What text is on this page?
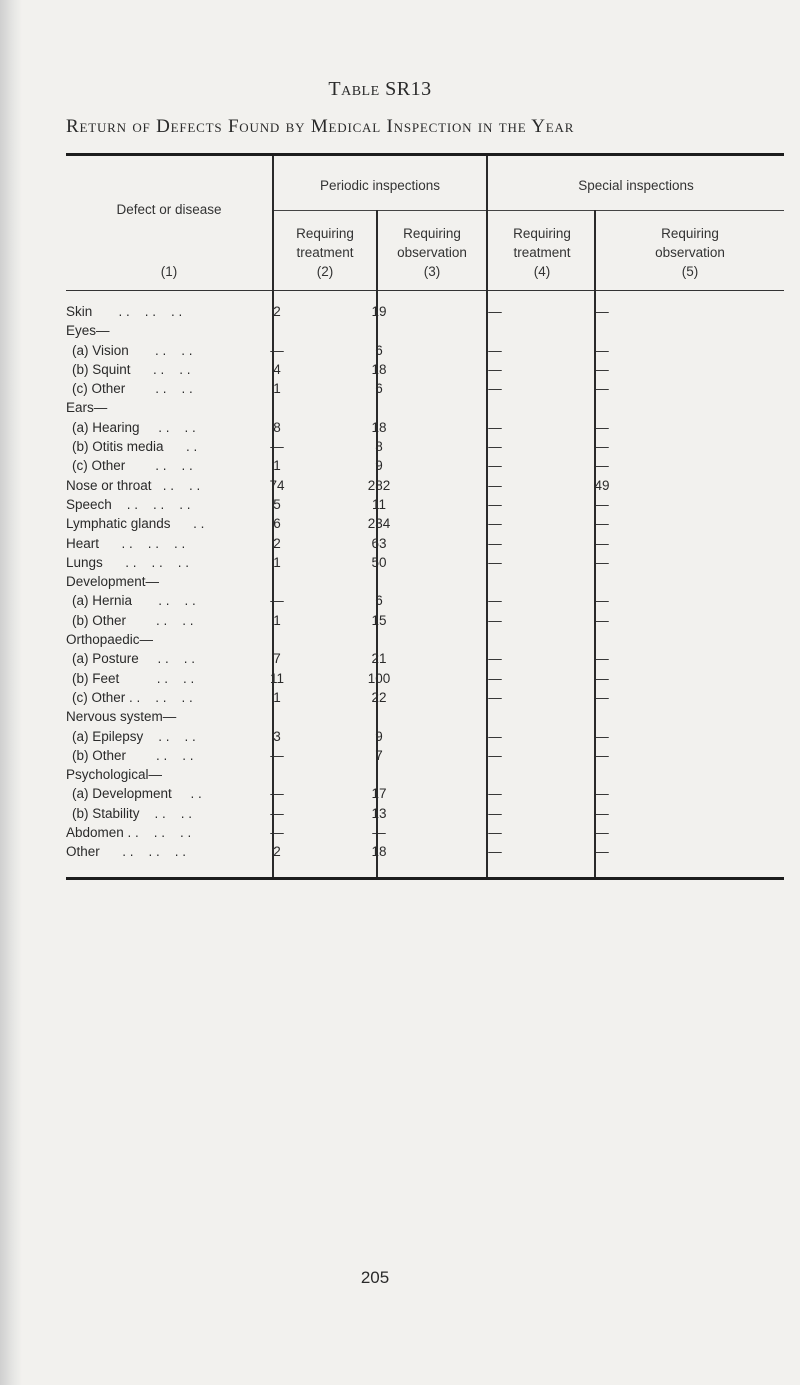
Table SR13
Return of Defects Found by Medical Inspection in the Year
Defect or disease
(1)
Periodic inspections	Special inspections
Requiring
treatment
(2)
Requiring
observation
(3)
Requiring
treatment
(4)
Requiring
observation
(5)
Skin       . .    . .    . .	2	19	—	—
Eyes—
(a) Vision       . .    . .	—	6	—	—
(b) Squint      . .    . .	4	18	—	—
(c) Other        . .    . .	1	6	—	—
Ears—
(a) Hearing     . .    . .	8	18	—	—
(b) Otitis media      . .	—	8	—	—
(c) Other        . .    . .	1	9	—	—
Nose or throat   . .    . .	74	282	—	49
Speech    . .    . .    . .	5	11	—	—
Lymphatic glands      . .	6	234	—	—
Heart      . .    . .    . .	2	63	—	—
Lungs      . .    . .    . .	1	50	—	—
Development—
(a) Hernia       . .    . .	—	6	—	—
(b) Other        . .    . .	1	15	—	—
Orthopaedic—
(a) Posture     . .    . .	7	21	—	—
(b) Feet          . .    . .	11	100	—	—
(c) Other . .    . .    . .	1	22	—	—
Nervous system—
(a) Epilepsy    . .    . .	3	9	—	—
(b) Other        . .    . .	—	7	—	—
Psychological—
(a) Development     . .	—	17	—	—
(b) Stability    . .    . .	—	13	—	—
Abdomen . .    . .    . .	—	—	—	—
Other      . .    . .    . .	2	18	—	—
205
